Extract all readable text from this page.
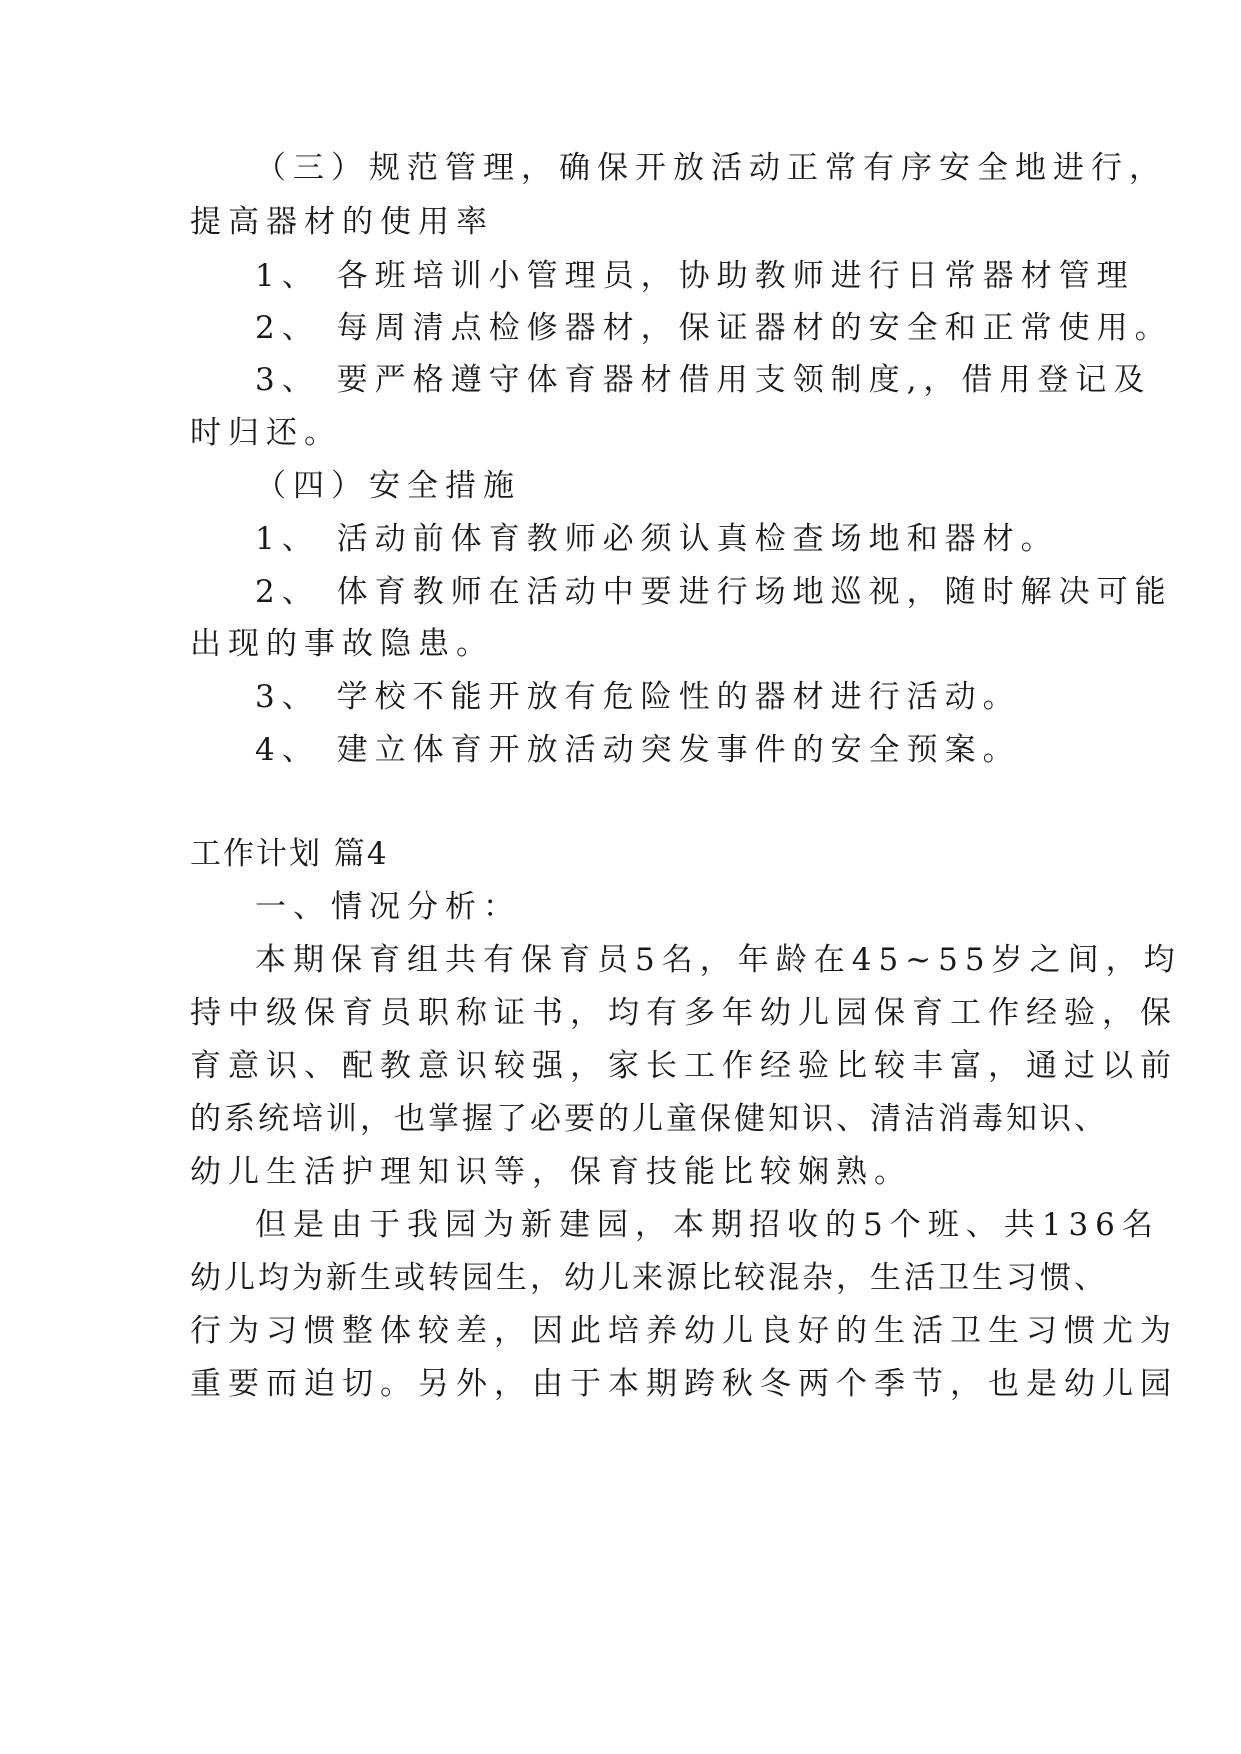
（三）规范管理，确保开放活动正常有序安全地进行，
提高器材的使用率
1、 各班培训小管理员，协助教师进行日常器材管理
2、 每周清点检修器材，保证器材的安全和正常使用。
3、 要严格遵守体育器材借用支领制度,，借用登记及
时归还。
（四）安全措施
1、 活动前体育教师必须认真检查场地和器材。
2、 体育教师在活动中要进行场地巡视，随时解决可能
出现的事故隐患。
3、 学校不能开放有危险性的器材进行活动。
4、 建立体育开放活动突发事件的安全预案。
工作计划 篇4
一、情况分析：
本期保育组共有保育员5名，年龄在45~55岁之间，均
持中级保育员职称证书，均有多年幼儿园保育工作经验，保
育意识、配教意识较强，家长工作经验比较丰富，通过以前
的系统培训，也掌握了必要的儿童保健知识、清洁消毒知识、
幼儿生活护理知识等，保育技能比较娴熟。
但是由于我园为新建园，本期招收的5个班、共136名
幼儿均为新生或转园生，幼儿来源比较混杂，生活卫生习惯、
行为习惯整体较差，因此培养幼儿良好的生活卫生习惯尤为
重要而迫切。另外，由于本期跨秋冬两个季节，也是幼儿园
